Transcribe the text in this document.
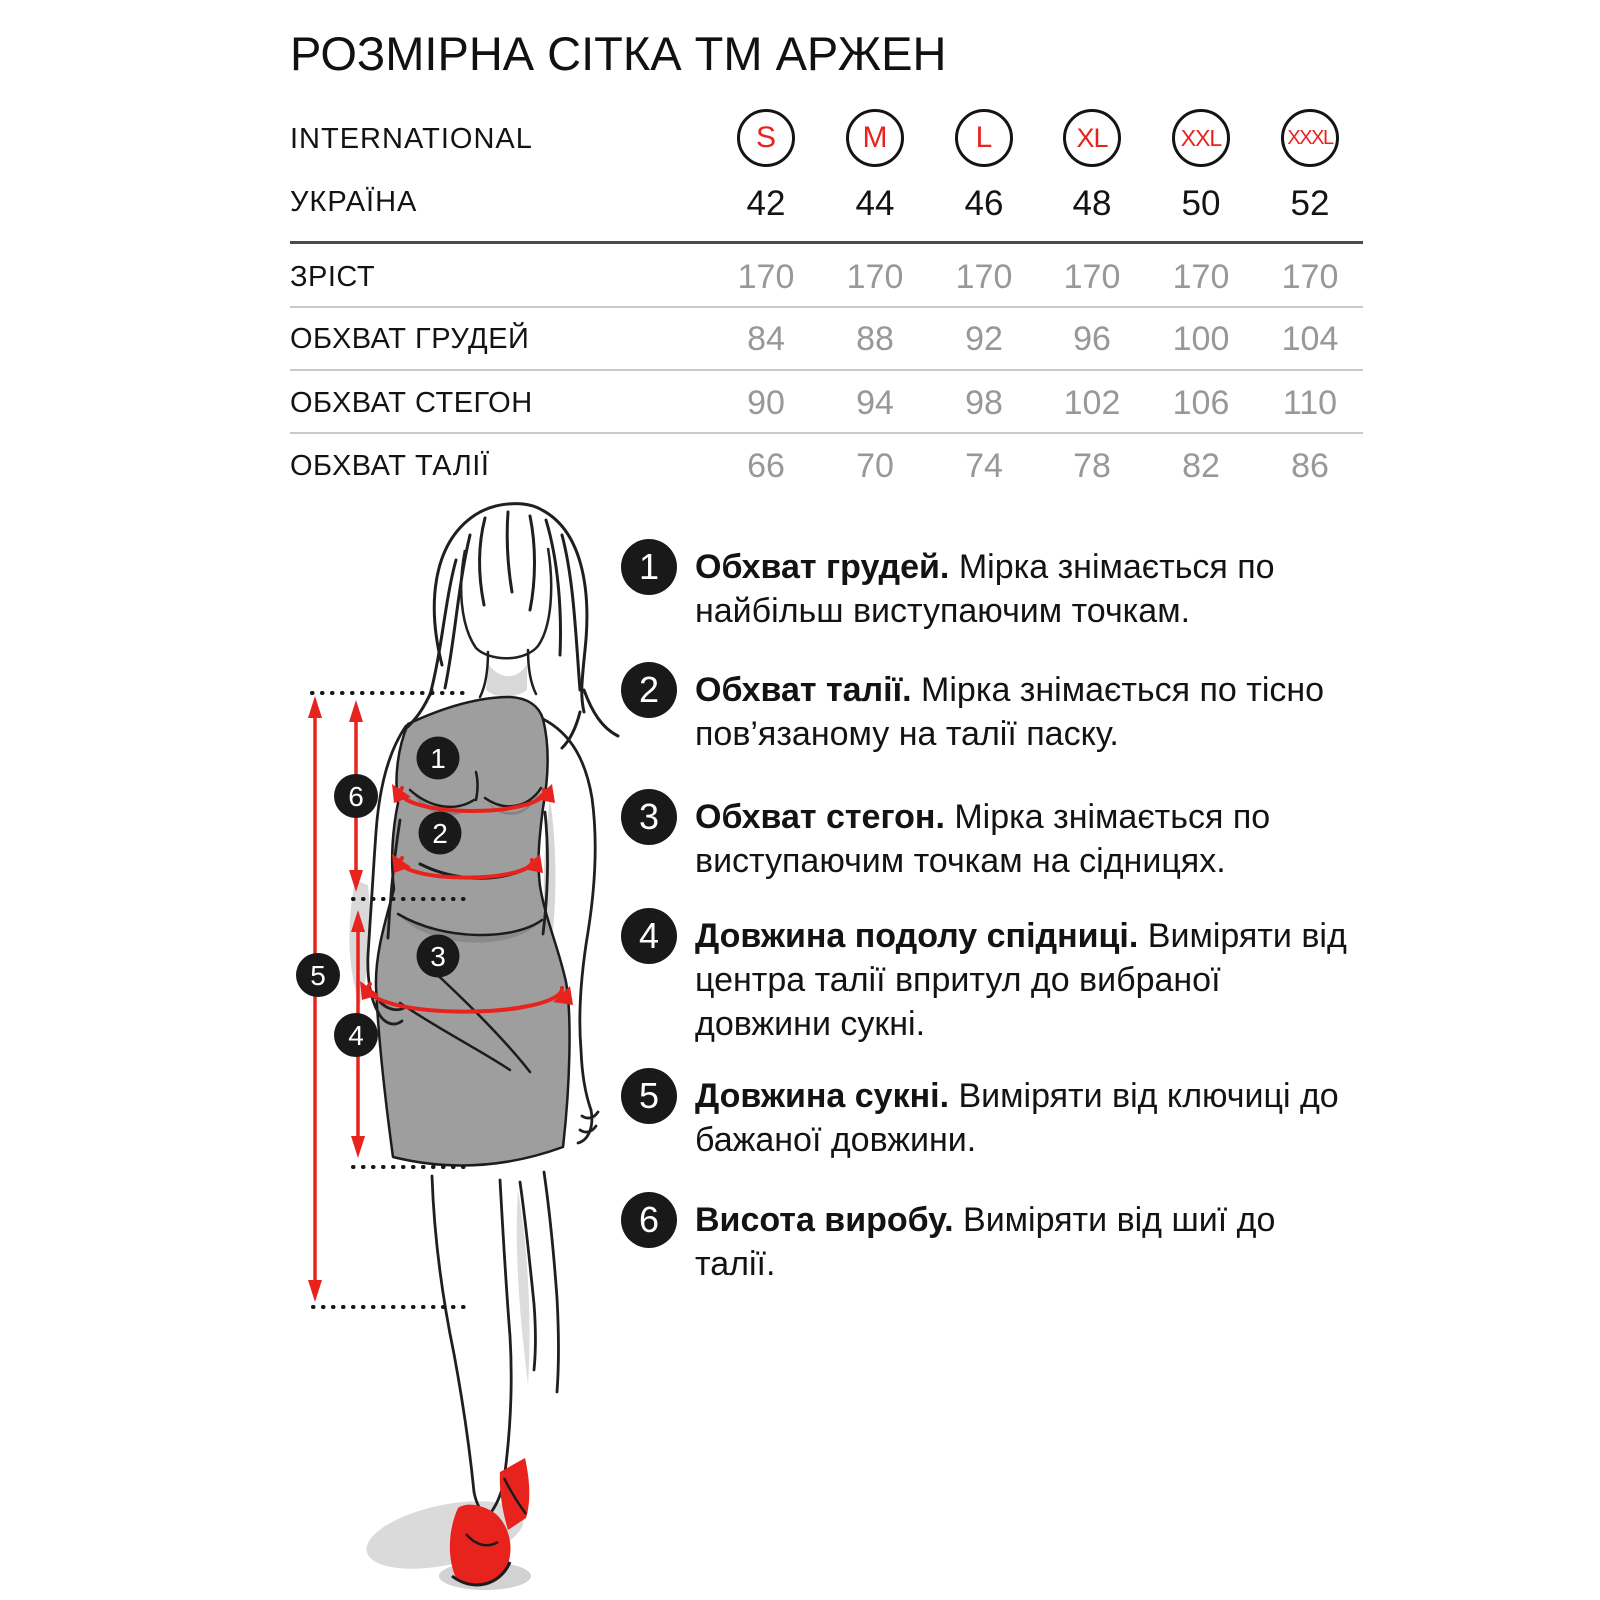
РОЗМІРНА СІТКА ТМ АРЖЕН
INTERNATIONAL	S	M	L	XL	XXL	XXXL
УКРАЇНА	42 44 46 48 50 52
ЗРІСТ	170 170 170 170 170 170
ОБХВАТ ГРУДЕЙ	84 88 92 96 100 104
ОБХВАТ СТЕГОН	90 94 98 102 106 110
ОБХВАТ ТАЛІЇ	66 70 74 78 82 86
1 Обхват грудей. Мірка знімається по найбільш виступаючим точкам.
2 Обхват талії. Мірка знімається по тісно пов’язаному на талії паску.
3 Обхват стегон. Мірка знімається по виступаючим точкам на сідницях.
4 Довжина подолу спідниці. Виміряти від центра талії впритул до вибраної довжини сукні.
5 Довжина сукні. Виміряти від ключиці до бажаної довжини.
6 Висота виробу. Виміряти від шиї до талії.
1
2
3
4
5
6
